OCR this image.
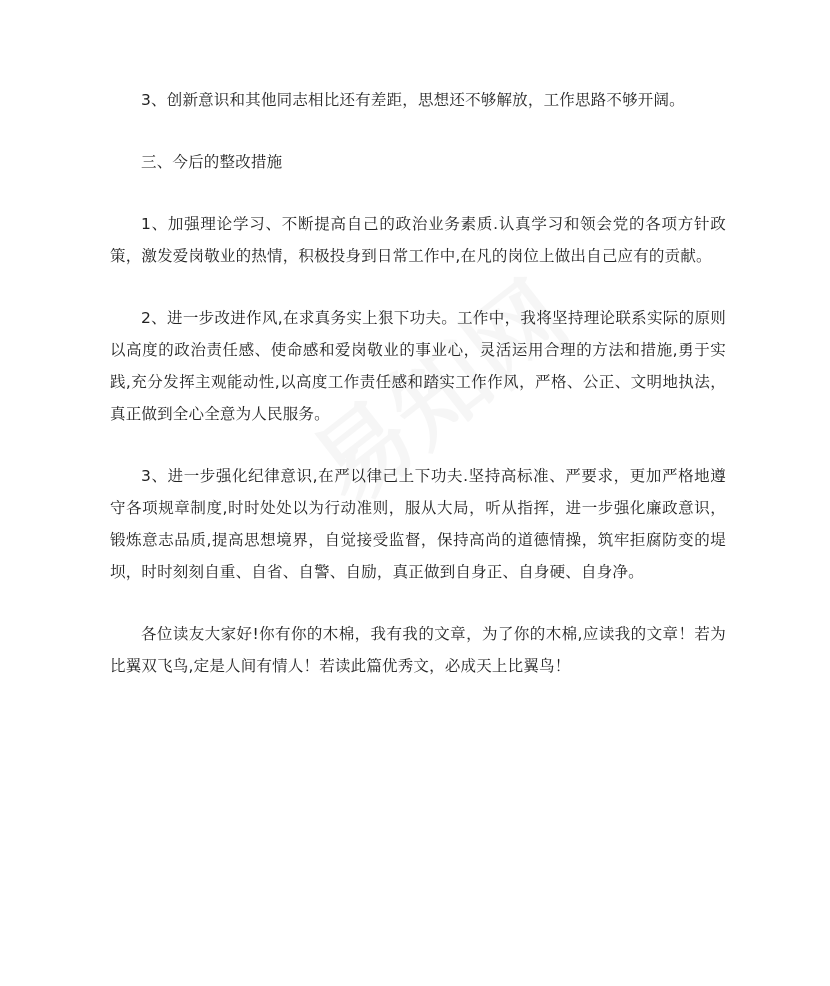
3、创新意识和其他同志相比还有差距，思想还不够解放，工作思路不够开阔。

三、今后的整改措施

1、加强理论学习、不断提高自己的政治业务素质.认真学习和领会党的各项方针政策，激发爱岗敬业的热情，积极投身到日常工作中,在凡的岗位上做出自己应有的贡献。

2、进一步改进作风,在求真务实上狠下功夫。工作中，我将坚持理论联系实际的原则以高度的政治责任感、使命感和爱岗敬业的事业心，灵活运用合理的方法和措施,勇于实践,充分发挥主观能动性,以高度工作责任感和踏实工作作风，严格、公正、文明地执法，真正做到全心全意为人民服务。

3、进一步强化纪律意识,在严以律己上下功夫.坚持高标准、严要求，更加严格地遵守各项规章制度,时时处处以为行动准则，服从大局，听从指挥，进一步强化廉政意识，锻炼意志品质,提高思想境界，自觉接受监督，保持高尚的道德情操，筑牢拒腐防变的堤坝，时时刻刻自重、自省、自警、自励，真正做到自身正、自身硬、自身净。

各位读友大家好!你有你的木棉，我有我的文章，为了你的木棉,应读我的文章！若为比翼双飞鸟,定是人间有情人！若读此篇优秀文，必成天上比翼鸟！
